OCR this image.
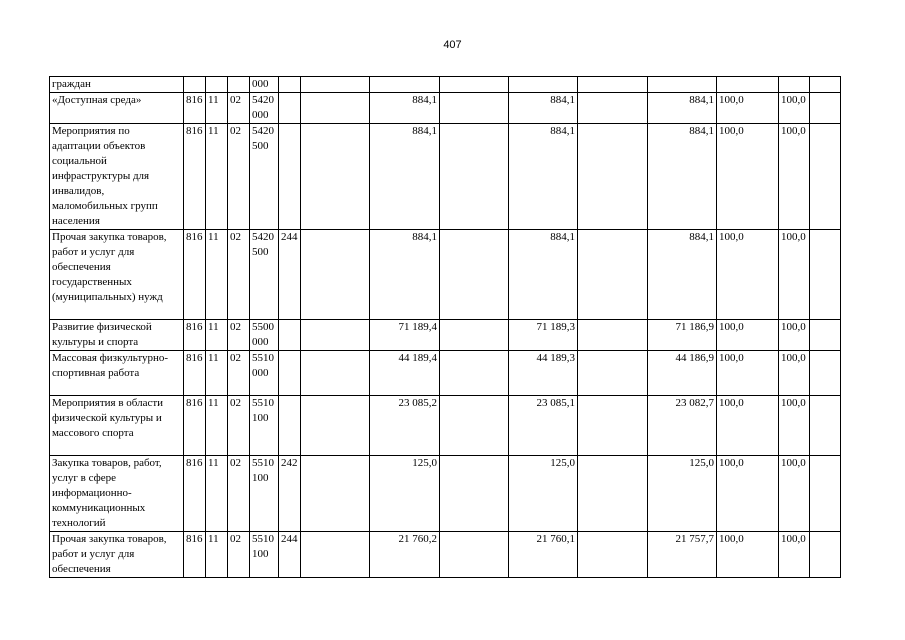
407
граждан				000										
«Доступная среда»	816	11	02	5420 000			884,1		884,1		884,1	100,0	100,0	
Мероприятия по адаптации объектов социальной инфраструктуры для инвалидов, маломобильных групп населения	816	11	02	5420 500			884,1		884,1		884,1	100,0	100,0	
Прочая закупка товаров, работ и услуг для обеспечения государственных (муниципальных) нужд	816	11	02	5420 500	244		884,1		884,1		884,1	100,0	100,0	
Развитие физической культуры и спорта	816	11	02	5500 000			71 189,4		71 189,3		71 186,9	100,0	100,0	
Массовая физкультурно-спортивная работа	816	11	02	5510 000			44 189,4		44 189,3		44 186,9	100,0	100,0	
Мероприятия в области физической культуры и массового спорта	816	11	02	5510 100			23 085,2		23 085,1		23 082,7	100,0	100,0	
Закупка товаров, работ, услуг в сфере информационно-коммуникационных технологий	816	11	02	5510 100	242		125,0		125,0		125,0	100,0	100,0	
Прочая закупка товаров, работ и услуг для обеспечения	816	11	02	5510 100	244		21 760,2		21 760,1		21 757,7	100,0	100,0	
